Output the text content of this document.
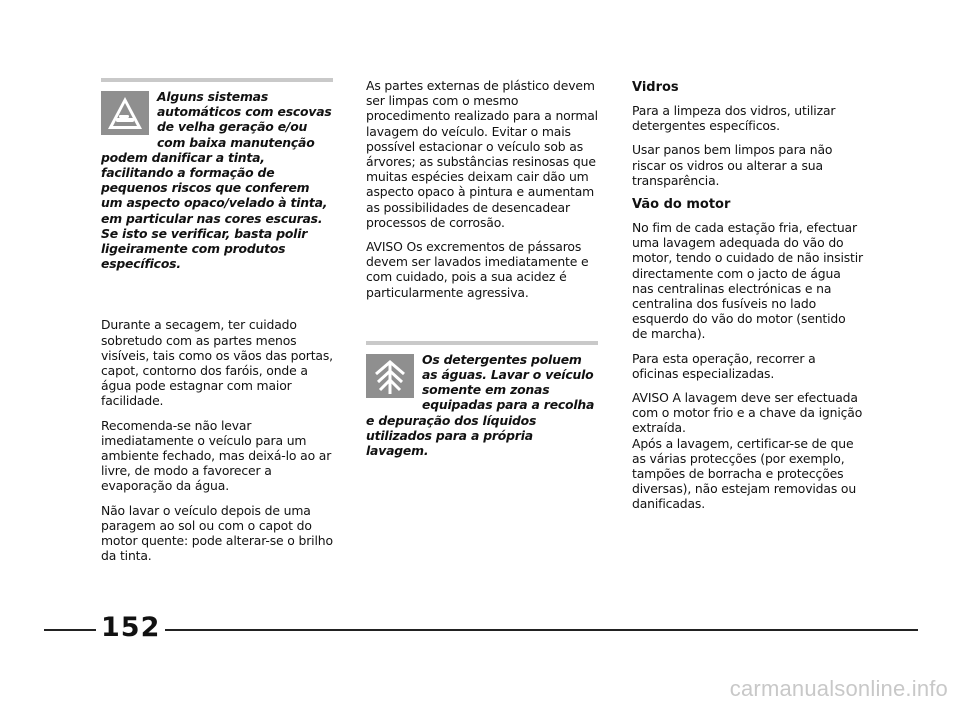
Alguns sistemas automáticos com escovas de velha geração e/ou com baixa manutenção podem danificar a tinta, facilitando a formação de pequenos riscos que conferem um aspecto opaco/velado à tinta, em particular nas cores escuras. Se isto se verificar, basta polir ligeiramente com produtos específicos.

Durante a secagem, ter cuidado sobretudo com as partes menos visíveis, tais como os vãos das portas, capot, contorno dos faróis, onde a água pode estagnar com maior facilidade.

Recomenda-se não levar imediatamente o veículo para um ambiente fechado, mas deixá-lo ao ar livre, de modo a favorecer a evaporação da água.

Não lavar o veículo depois de uma paragem ao sol ou com o capot do motor quente: pode alterar-se o brilho da tinta.

As partes externas de plástico devem ser limpas com o mesmo procedimento realizado para a normal lavagem do veículo. Evitar o mais possível estacionar o veículo sob as árvores; as substâncias resinosas que muitas espécies deixam cair dão um aspecto opaco à pintura e aumentam as possibilidades de desencadear processos de corrosão.

AVISO Os excrementos de pássaros devem ser lavados imediatamente e com cuidado, pois a sua acidez é particularmente agressiva.

Os detergentes poluem as águas. Lavar o veículo somente em zonas equipadas para a recolha e depuração dos líquidos utilizados para a própria lavagem.

Vidros

Para a limpeza dos vidros, utilizar detergentes específicos.

Usar panos bem limpos para não riscar os vidros ou alterar a sua transparência.

Vão do motor

No fim de cada estação fria, efectuar uma lavagem adequada do vão do motor, tendo o cuidado de não insistir directamente com o jacto de água nas centralinas electrónicas e na centralina dos fusíveis no lado esquerdo do vão do motor (sentido de marcha).

Para esta operação, recorrer a oficinas especializadas.

AVISO A lavagem deve ser efectuada com o motor frio e a chave da ignição extraída.

Após a lavagem, certificar-se de que as várias protecções (por exemplo, tampões de borracha e protecções diversas), não estejam removidas ou danificadas.

152
carmanualsonline.info
